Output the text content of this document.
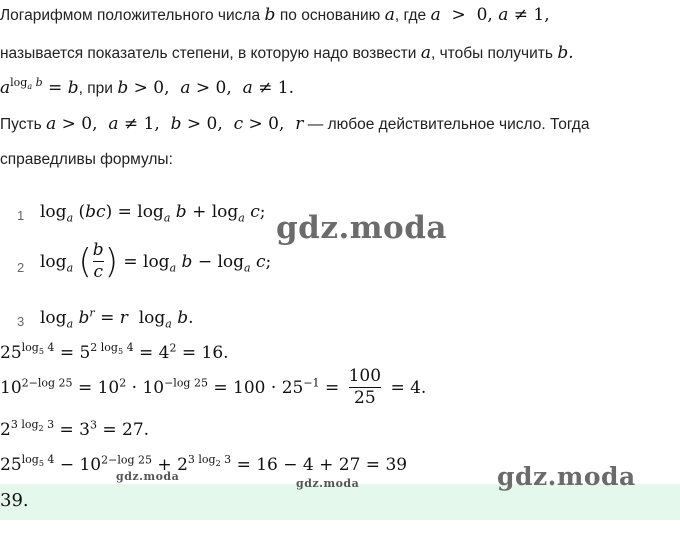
Логарифмом положительного числа b по основанию a, где a  >  0, a ≠ 1,
называется показатель степени, в которую надо возвести a, чтобы получить b.
$a^{log_a b} = b$, при b > 0,  a > 0,  a ≠ 1.
Пусть a > 0,  a ≠ 1,  b > 0,  c > 0,  r — любое действительное число. Тогда
справедливы формулы:
1 $\log_a (bc) = \log_a b + \log_a c$;
2 $\log_a$ ( $\frac{b}{c}$ ) = $\log_a b - \log_a c$;
3 $\log_a b^r = r$  $\log_a b$.
$25^{log_5 4} = 5^{2 log_5 4} = 4^2 = 16$.
$10^{2-log 25} = 10^2 \cdot 10^{-log 25} = 100 \cdot 25^{-1} = \frac{100}{25} = 4$.
$2^{3 log_2 3} = 3^3 = 27$.
$25^{log_5 4} - 10^{2-log 25} + 2^{3 log_2 3} = 16 - 4 + 27 = 39$
39.
gdz.moda
gdz.moda
gdz.moda
gdz.moda
